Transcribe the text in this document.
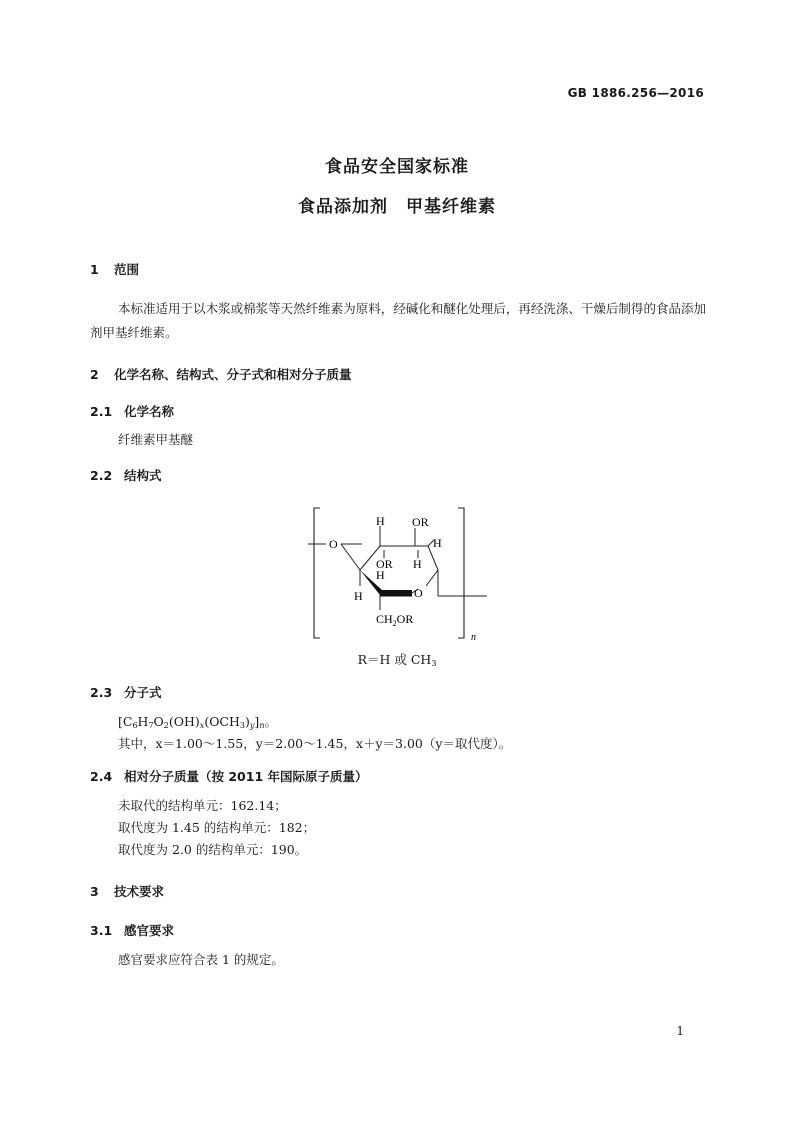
GB 1886.256—2016
食品安全国家标准
食品添加剂　甲基纤维素
1 范围
本标准适用于以木浆或棉浆等天然纤维素为原料，经碱化和醚化处理后，再经洗涤、干燥后制得的食品添加剂甲基纤维素。
2 化学名称、结构式、分子式和相对分子质量
2.1 化学名称
纤维素甲基醚
2.2 结构式
O
H OR
H
OR
H
H
H	O
$CH_2OR$
n
R＝H 或 $CH_3$
2.3 分子式
$[C_6H_7O_2(OH)_x(OCH_3)_y]_n$。
其中，x＝1.00～1.55，y＝2.00～1.45，x＋y＝3.00（y＝取代度）。
2.4 相对分子质量（按 2011 年国际原子质量）
未取代的结构单元：162.14；
取代度为 1.45 的结构单元：182；
取代度为 2.0 的结构单元：190。
3 技术要求
3.1 感官要求
感官要求应符合表 1 的规定。
1
